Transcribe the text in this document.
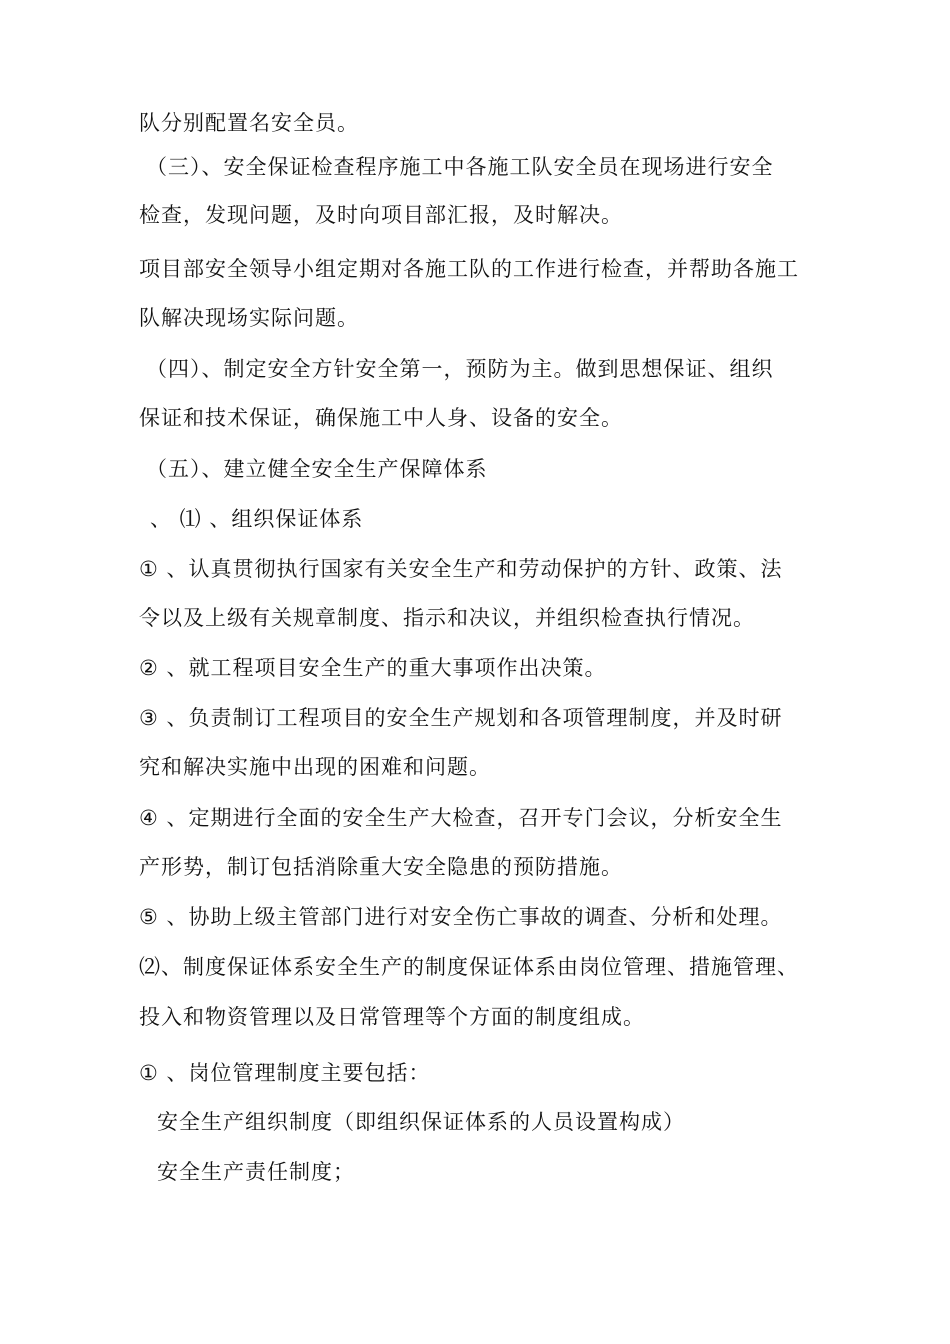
队分别配置名安全员。
（三）、安全保证检查程序施工中各施工队安全员在现场进行安全
检查，发现问题，及时向项目部汇报，及时解决。
项目部安全领导小组定期对各施工队的工作进行检查，并帮助各施工
队解决现场实际问题。
（四）、制定安全方针安全第一，预防为主。做到思想保证、组织
保证和技术保证，确保施工中人身、设备的安全。
（五）、建立健全安全生产保障体系
、 ⑴ 、组织保证体系
① 、认真贯彻执行国家有关安全生产和劳动保护的方针、政策、法
令以及上级有关规章制度、指示和决议，并组织检查执行情况。
② 、就工程项目安全生产的重大事项作出决策。
③ 、负责制订工程项目的安全生产规划和各项管理制度，并及时研
究和解决实施中出现的困难和问题。
④ 、定期进行全面的安全生产大检查，召开专门会议，分析安全生
产形势，制订包括消除重大安全隐患的预防措施。
⑤ 、协助上级主管部门进行对安全伤亡事故的调查、分析和处理。
⑵、制度保证体系安全生产的制度保证体系由岗位管理、措施管理、
投入和物资管理以及日常管理等个方面的制度组成。
① 、岗位管理制度主要包括：
安全生产组织制度（即组织保证体系的人员设置构成）
安全生产责任制度；
